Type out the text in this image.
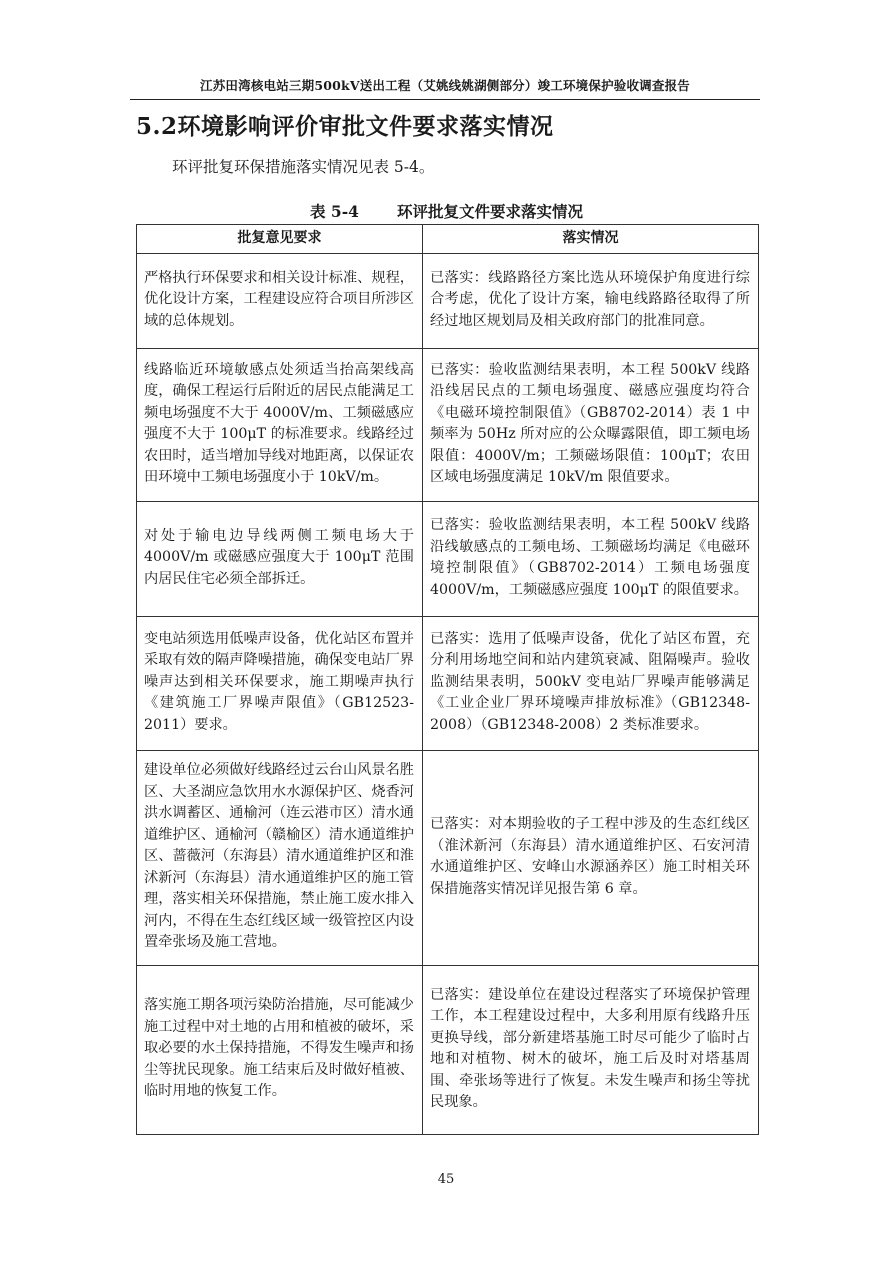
江苏田湾核电站三期500kV送出工程（艾姚线姚湖侧部分）竣工环境保护验收调查报告
5.2环境影响评价审批文件要求落实情况
环评批复环保措施落实情况见表 5-4。
表 5-4 环评批复文件要求落实情况
批复意见要求	落实情况
严格执行环保要求和相关设计标准、规程，优化设计方案，工程建设应符合项目所涉区域的总体规划。	已落实：线路路径方案比选从环境保护角度进行综合考虑，优化了设计方案，输电线路路径取得了所经过地区规划局及相关政府部门的批准同意。
线路临近环境敏感点处须适当抬高架线高度，确保工程运行后附近的居民点能满足工频电场强度不大于 4000V/m、工频磁感应强度不大于 100μT 的标准要求。线路经过农田时，适当增加导线对地距离，以保证农田环境中工频电场强度小于 10kV/m。	已落实：验收监测结果表明，本工程 500kV 线路沿线居民点的工频电场强度、磁感应强度均符合《电磁环境控制限值》（GB8702-2014）表 1 中频率为 50Hz 所对应的公众曝露限值，即工频电场限值：4000V/m；工频磁场限值：100μT；农田区域电场强度满足 10kV/m 限值要求。
对处于输电边导线两侧工频电场大于 4000V/m 或磁感应强度大于 100μT 范围内居民住宅必须全部拆迁。	已落实：验收监测结果表明，本工程 500kV 线路沿线敏感点的工频电场、工频磁场均满足《电磁环境控制限值》（GB8702-2014）工频电场强度 4000V/m，工频磁感应强度 100μT 的限值要求。
变电站须选用低噪声设备，优化站区布置并采取有效的隔声降噪措施，确保变电站厂界噪声达到相关环保要求，施工期噪声执行《建筑施工厂界噪声限值》（GB12523-2011）要求。	已落实：选用了低噪声设备，优化了站区布置，充分利用场地空间和站内建筑衰减、阻隔噪声。验收监测结果表明，500kV 变电站厂界噪声能够满足《工业企业厂界环境噪声排放标准》（GB12348-2008）（GB12348-2008）2 类标准要求。
建设单位必须做好线路经过云台山风景名胜区、大圣湖应急饮用水水源保护区、烧香河洪水调蓄区、通榆河（连云港市区）清水通道维护区、通榆河（赣榆区）清水通道维护区、蔷薇河（东海县）清水通道维护区和淮沭新河（东海县）清水通道维护区的施工管理，落实相关环保措施，禁止施工废水排入河内，不得在生态红线区域一级管控区内设置牵张场及施工营地。	已落实：对本期验收的子工程中涉及的生态红线区（淮沭新河（东海县）清水通道维护区、石安河清水通道维护区、安峰山水源涵养区）施工时相关环保措施落实情况详见报告第 6 章。
落实施工期各项污染防治措施，尽可能减少施工过程中对土地的占用和植被的破坏，采取必要的水土保持措施，不得发生噪声和扬尘等扰民现象。施工结束后及时做好植被、临时用地的恢复工作。	已落实：建设单位在建设过程落实了环境保护管理工作，本工程建设过程中，大多利用原有线路升压更换导线，部分新建塔基施工时尽可能少了临时占地和对植物、树木的破坏，施工后及时对塔基周围、牵张场等进行了恢复。未发生噪声和扬尘等扰民现象。
45
